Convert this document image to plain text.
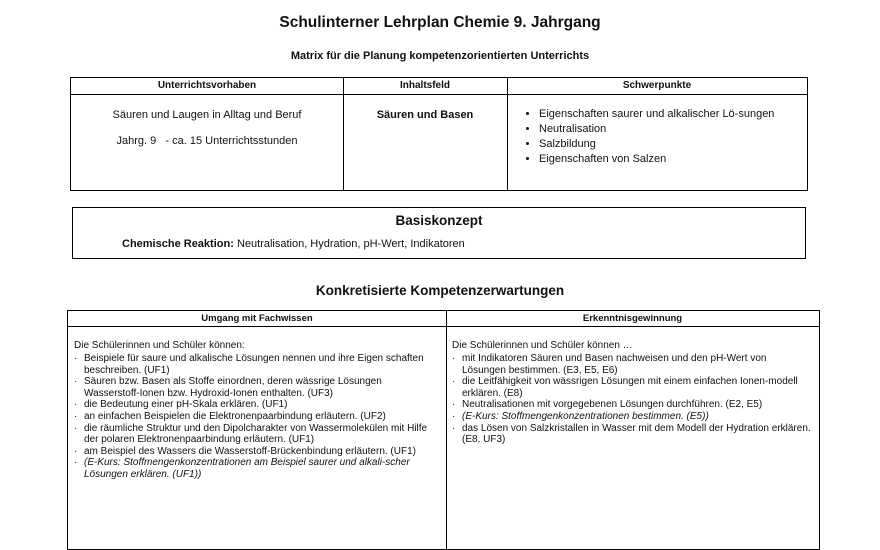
Schulinterner Lehrplan Chemie 9. Jahrgang
Matrix für die Planung kompetenzorientierten Unterrichts
Unterrichtsvorhaben
Säuren und Laugen in Alltag und Beruf
Jahrg. 9   - ca. 15 Unterrichtsstunden
Inhaltsfeld
Säuren und Basen
Schwerpunkte
• Eigenschaften saurer und alkalischer Lö-sungen
• Neutralisation
• Salzbildung
• Eigenschaften von Salzen
Basiskonzept
Chemische Reaktion: Neutralisation, Hydration, pH-Wert, Indikatoren
Konkretisierte Kompetenzerwartungen
Umgang mit Fachwissen
Die Schülerinnen und Schüler können:
· Beispiele für saure und alkalische Lösungen nennen und ihre Eigen schaften beschreiben. (UF1)
· Säuren bzw. Basen als Stoffe einordnen, deren wässrige Lösungen Wasserstoff-Ionen bzw. Hydroxid-Ionen enthalten. (UF3)
· die Bedeutung einer pH-Skala erklären. (UF1)
· an einfachen Beispielen die Elektronenpaarbindung erläutern. (UF2)
· die räumliche Struktur und den Dipolcharakter von Wassermolekülen mit Hilfe der polaren Elektronenpaarbindung erläutern. (UF1)
· am Beispiel des Wassers die Wasserstoff-Brückenbindung erläutern. (UF1)
· (E-Kurs: Stoffmengenkonzentrationen am Beispiel saurer und alkali-scher Lösungen erklären. (UF1))
Erkenntnisgewinnung
Die Schülerinnen und Schüler können …
· mit Indikatoren Säuren und Basen nachweisen und den pH-Wert von Lösungen bestimmen. (E3, E5, E6)
· die Leitfähigkeit von wässrigen Lösungen mit einem einfachen Ionen-modell erklären. (E8)
· Neutralisationen mit vorgegebenen Lösungen durchführen. (E2, E5)
· (E-Kurs: Stoffmengenkonzentrationen bestimmen. (E5))
· das Lösen von Salzkristallen in Wasser mit dem Modell der Hydration erklären. (E8, UF3)
